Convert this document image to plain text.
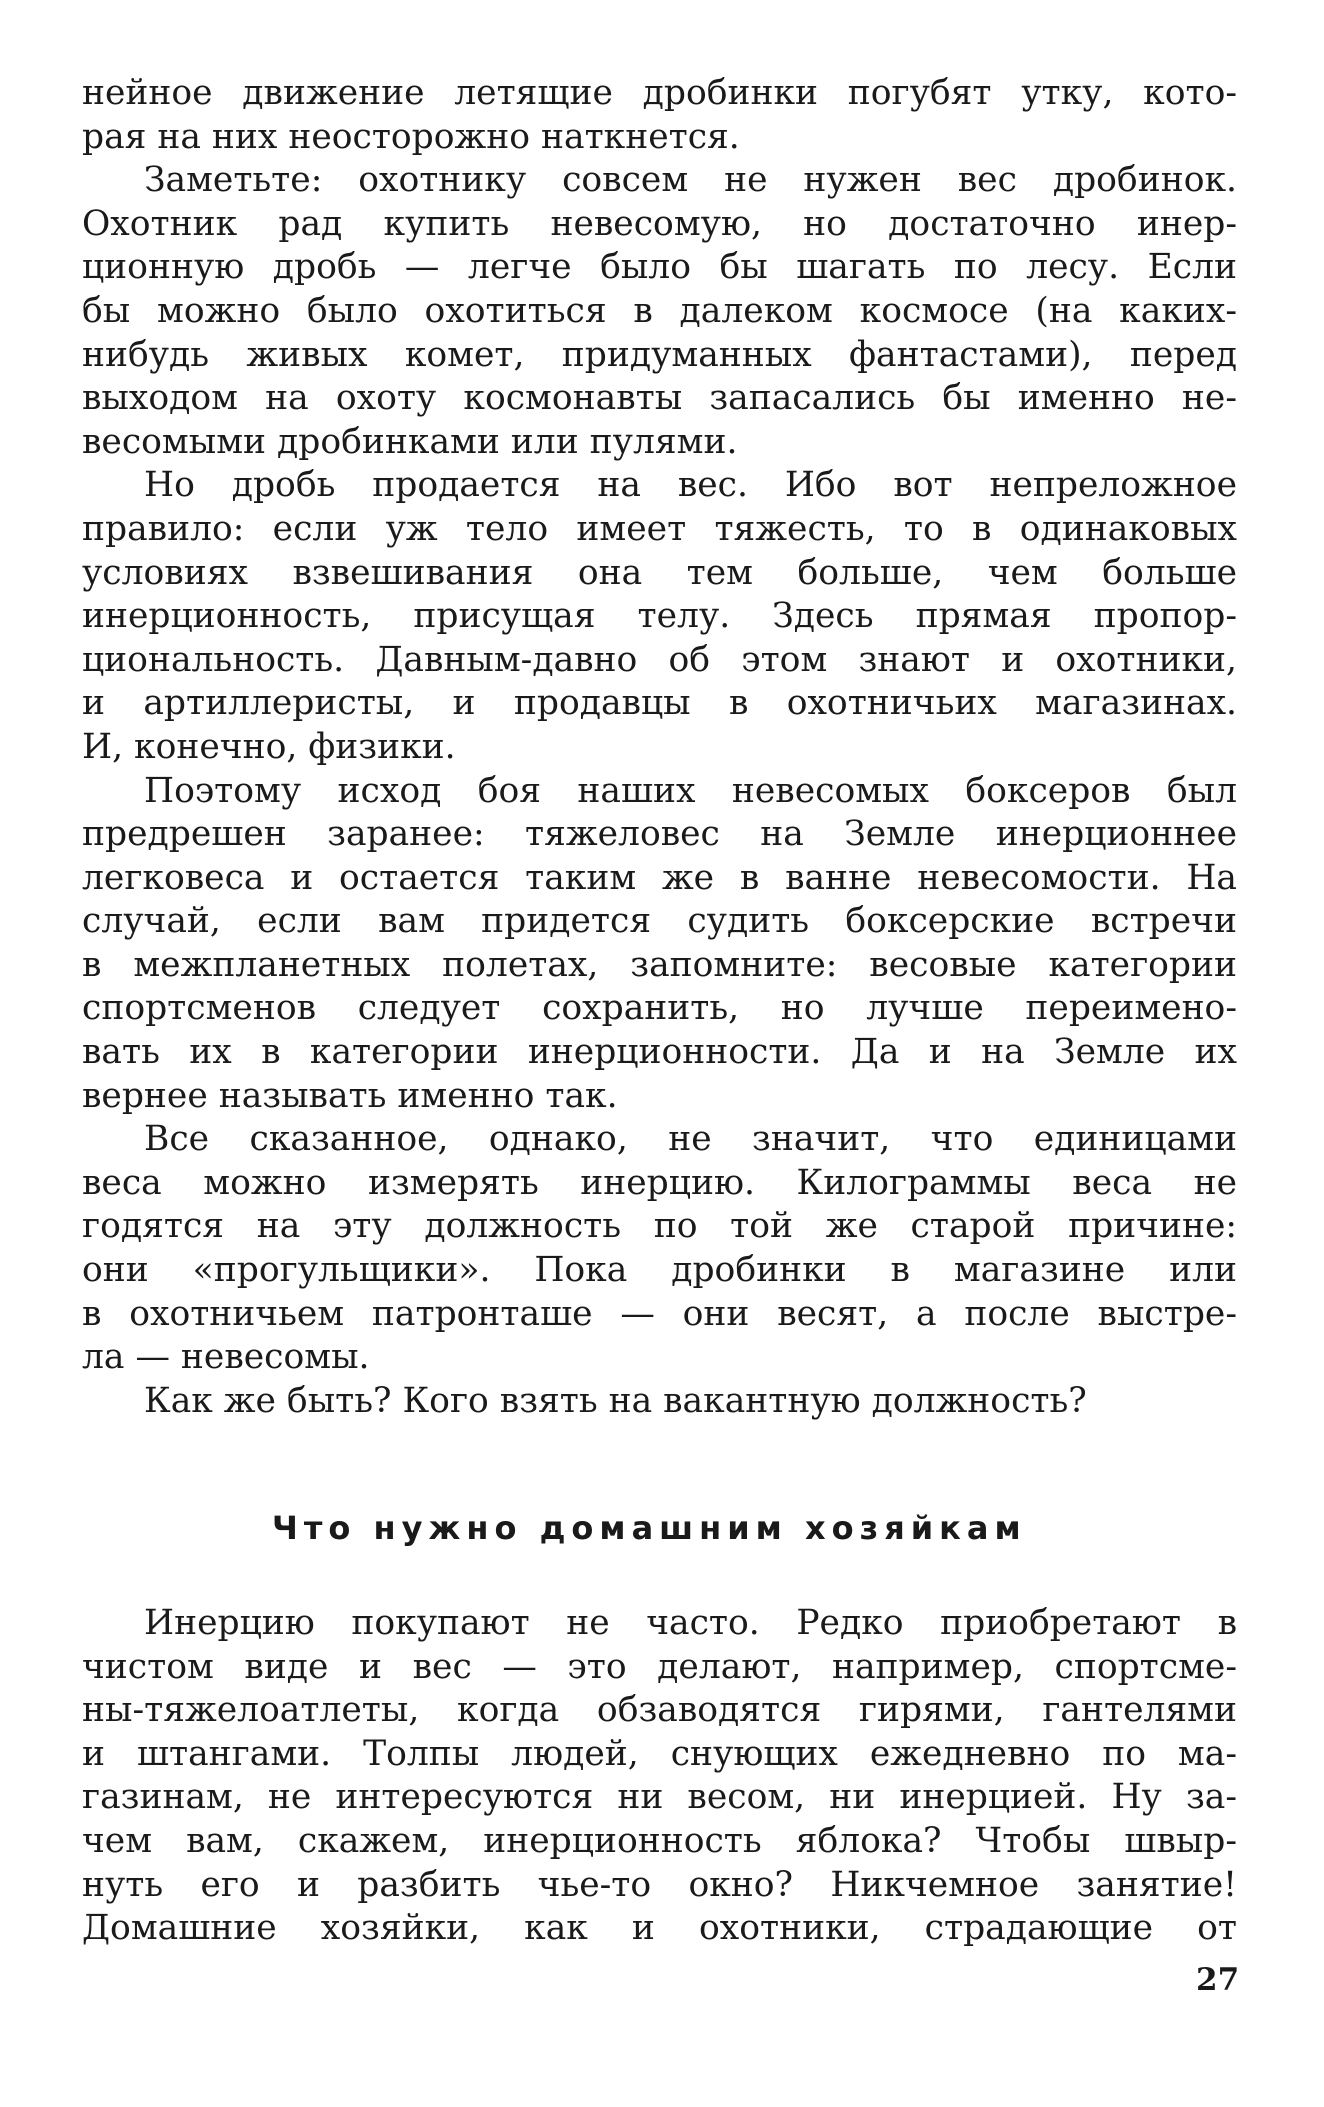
нейное движение летящие дробинки погубят утку, кото-
рая на них неосторожно наткнется.
Заметьте: охотнику совсем не нужен вес дробинок.
Охотник рад купить невесомую, но достаточно инер-
ционную дробь — легче было бы шагать по лесу. Если
бы можно было охотиться в далеком космосе (на каких-
нибудь живых комет, придуманных фантастами), перед
выходом на охоту космонавты запасались бы именно не-
весомыми дробинками или пулями.
Но дробь продается на вес. Ибо вот непреложное
правило: если уж тело имеет тяжесть, то в одинаковых
условиях взвешивания она тем больше, чем больше
инерционность, присущая телу. Здесь прямая пропор-
циональность. Давным-давно об этом знают и охотники,
и артиллеристы, и продавцы в охотничьих магазинах.
И, конечно, физики.
Поэтому исход боя наших невесомых боксеров был
предрешен заранее: тяжеловес на Земле инерционнее
легковеса и остается таким же в ванне невесомости. На
случай, если вам придется судить боксерские встречи
в межпланетных полетах, запомните: весовые категории
спортсменов следует сохранить, но лучше переимено-
вать их в категории инерционности. Да и на Земле их
вернее называть именно так.
Все сказанное, однако, не значит, что единицами
веса можно измерять инерцию. Килограммы веса не
годятся на эту должность по той же старой причине:
они «прогульщики». Пока дробинки в магазине или
в охотничьем патронташе — они весят, а после выстре-
ла — невесомы.
Как же быть? Кого взять на вакантную должность?
Что нужно домашним хозяйкам
Инерцию покупают не часто. Редко приобретают в
чистом виде и вес — это делают, например, спортсме-
ны-тяжелоатлеты, когда обзаводятся гирями, гантелями
и штангами. Толпы людей, снующих ежедневно по ма-
газинам, не интересуются ни весом, ни инерцией. Ну за-
чем вам, скажем, инерционность яблока? Чтобы швыр-
нуть его и разбить чье-то окно? Никчемное занятие!
Домашние хозяйки, как и охотники, страдающие от

27
